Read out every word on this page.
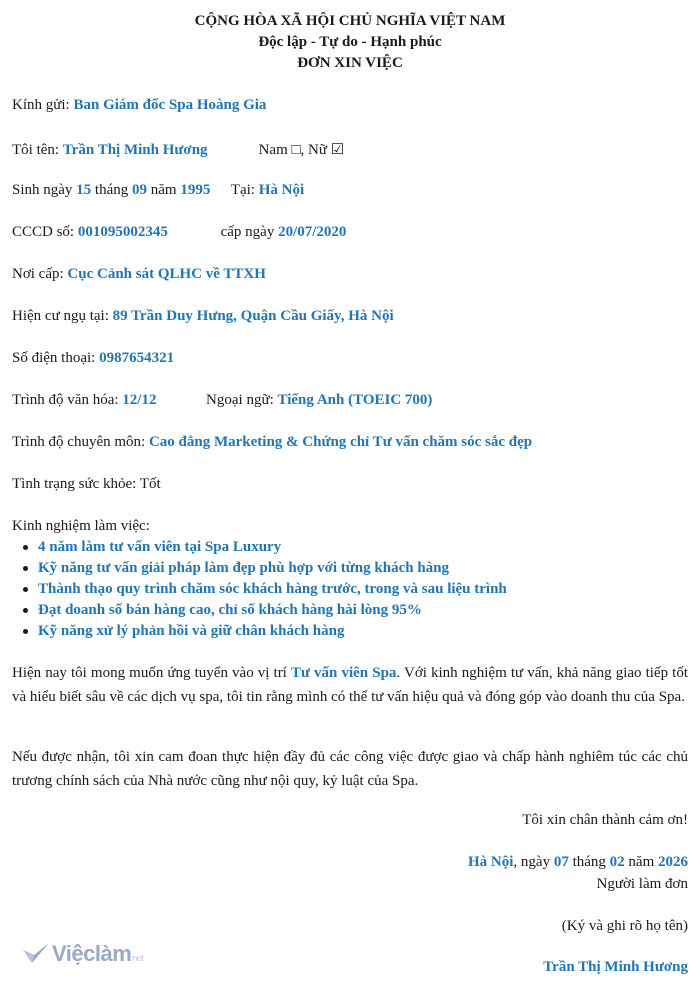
CỘNG HÒA XÃ HỘI CHỦ NGHĨA VIỆT NAM
Độc lập - Tự do - Hạnh phúc
ĐƠN XIN VIỆC
Kính gửi: Ban Giám đốc Spa Hoàng Gia
Tôi tên: Trần Thị Minh Hương	Nam □, Nữ ☑
Sinh ngày 15 tháng 09 năm 1995 Tại: Hà Nội
CCCD số: 001095002345	cấp ngày 20/07/2020
Nơi cấp: Cục Cảnh sát QLHC về TTXH
Hiện cư ngụ tại: 89 Trần Duy Hưng, Quận Cầu Giấy, Hà Nội
Số điện thoại: 0987654321
Trình độ văn hóa: 12/12	Ngoại ngữ: Tiếng Anh (TOEIC 700)
Trình độ chuyên môn: Cao đẳng Marketing & Chứng chỉ Tư vấn chăm sóc sắc đẹp
Tình trạng sức khỏe: Tốt
Kinh nghiệm làm việc:
4 năm làm tư vấn viên tại Spa Luxury
Kỹ năng tư vấn giải pháp làm đẹp phù hợp với từng khách hàng
Thành thạo quy trình chăm sóc khách hàng trước, trong và sau liệu trình
Đạt doanh số bán hàng cao, chỉ số khách hàng hài lòng 95%
Kỹ năng xử lý phản hồi và giữ chân khách hàng
Hiện nay tôi mong muốn ứng tuyển vào vị trí Tư vấn viên Spa. Với kinh nghiệm tư vấn, khả năng giao tiếp tốt và hiểu biết sâu về các dịch vụ spa, tôi tin rằng mình có thể tư vấn hiệu quả và đóng góp vào doanh thu của Spa.
Nếu được nhận, tôi xin cam đoan thực hiện đầy đủ các công việc được giao và chấp hành nghiêm túc các chủ trương chính sách của Nhà nước cũng như nội quy, kỷ luật của Spa.
Tôi xin chân thành cảm ơn!
Hà Nội, ngày 07 tháng 02 năm 2026
Người làm đơn
(Ký và ghi rõ họ tên)
Trần Thị Minh Hương
Việclàmnet
